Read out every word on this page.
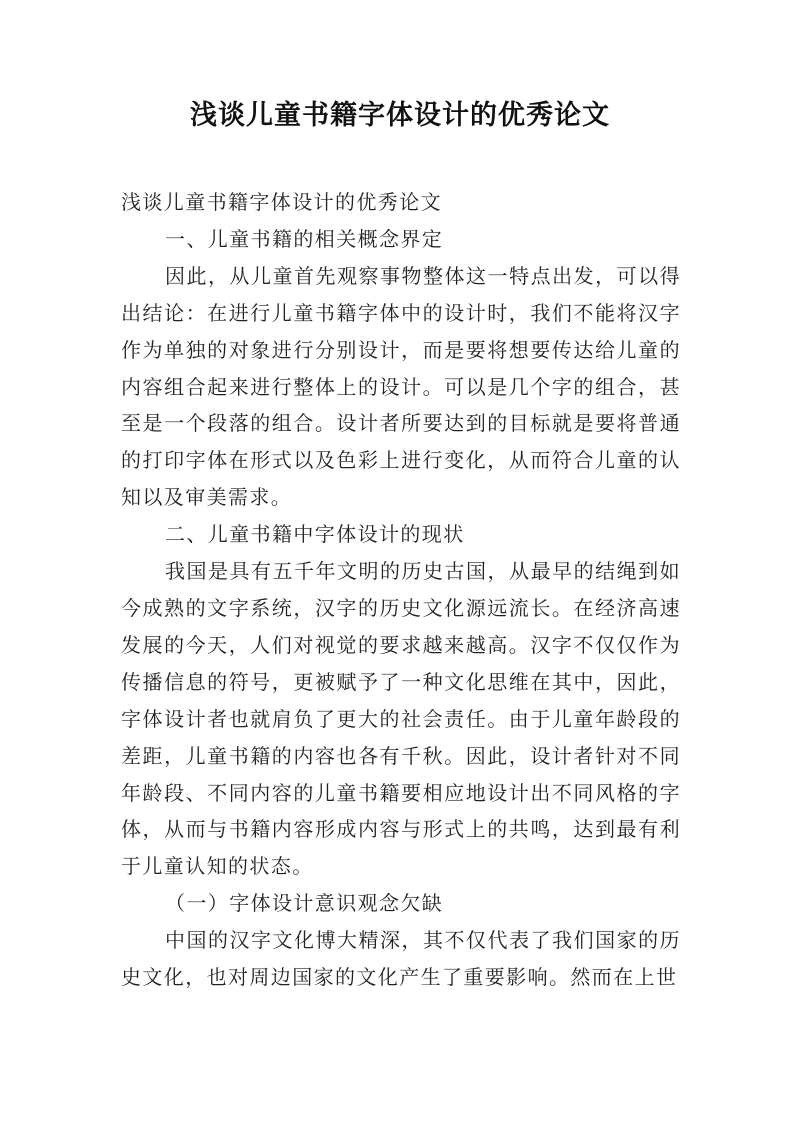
浅谈儿童书籍字体设计的优秀论文

浅谈儿童书籍字体设计的优秀论文

一、儿童书籍的相关概念界定

因此，从儿童首先观察事物整体这一特点出发，可以得出结论：在进行儿童书籍字体中的设计时，我们不能将汉字作为单独的对象进行分别设计，而是要将想要传达给儿童的内容组合起来进行整体上的设计。可以是几个字的组合，甚至是一个段落的组合。设计者所要达到的目标就是要将普通的打印字体在形式以及色彩上进行变化，从而符合儿童的认知以及审美需求。

二、儿童书籍中字体设计的现状

我国是具有五千年文明的历史古国，从最早的结绳到如今成熟的文字系统，汉字的历史文化源远流长。在经济高速发展的今天，人们对视觉的要求越来越高。汉字不仅仅作为传播信息的符号，更被赋予了一种文化思维在其中，因此，字体设计者也就肩负了更大的社会责任。由于儿童年龄段的差距，儿童书籍的内容也各有千秋。因此，设计者针对不同年龄段、不同内容的儿童书籍要相应地设计出不同风格的字体，从而与书籍内容形成内容与形式上的共鸣，达到最有利于儿童认知的状态。

（一）字体设计意识观念欠缺

中国的汉字文化博大精深，其不仅代表了我们国家的历史文化，也对周边国家的文化产生了重要影响。然而在上世
